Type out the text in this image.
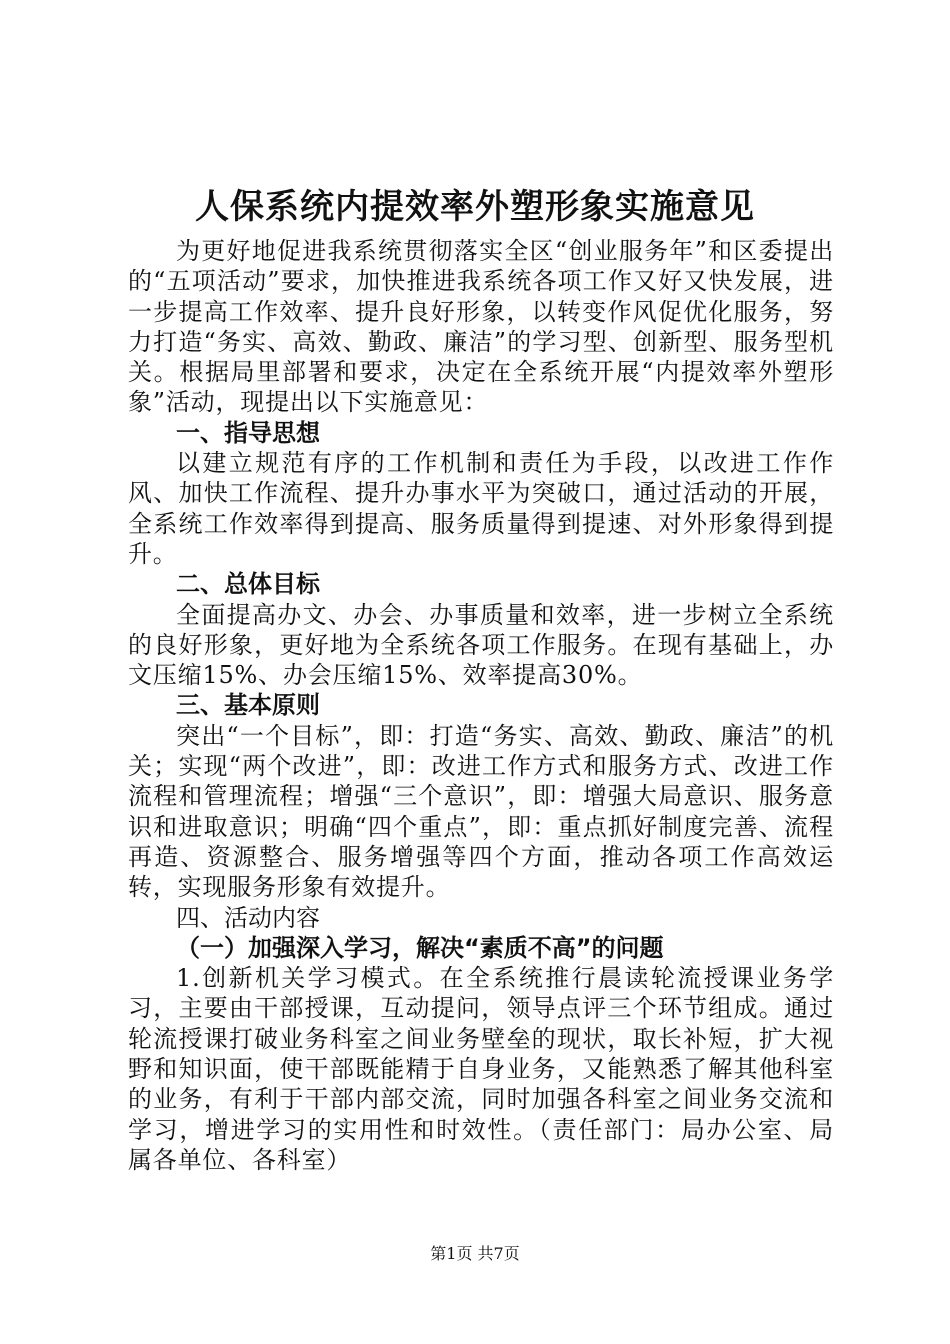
人保系统内提效率外塑形象实施意见

为更好地促进我系统贯彻落实全区“创业服务年”和区委提出的“五项活动”要求，加快推进我系统各项工作又好又快发展，进一步提高工作效率、提升良好形象，以转变作风促优化服务，努力打造“务实、高效、勤政、廉洁”的学习型、创新型、服务型机关。根据局里部署和要求，决定在全系统开展“内提效率外塑形象”活动，现提出以下实施意见：

一、指导思想

以建立规范有序的工作机制和责任为手段，以改进工作作风、加快工作流程、提升办事水平为突破口，通过活动的开展，全系统工作效率得到提高、服务质量得到提速、对外形象得到提升。

二、总体目标

全面提高办文、办会、办事质量和效率，进一步树立全系统的良好形象，更好地为全系统各项工作服务。在现有基础上，办文压缩15%、办会压缩15%、效率提高30%。

三、基本原则

突出“一个目标”，即：打造“务实、高效、勤政、廉洁”的机关；实现“两个改进”，即：改进工作方式和服务方式、改进工作流程和管理流程；增强“三个意识”，即：增强大局意识、服务意识和进取意识；明确“四个重点”，即：重点抓好制度完善、流程再造、资源整合、服务增强等四个方面，推动各项工作高效运转，实现服务形象有效提升。

四、活动内容

（一）加强深入学习，解决“素质不高”的问题

1.创新机关学习模式。在全系统推行晨读轮流授课业务学习，主要由干部授课，互动提问，领导点评三个环节组成。通过轮流授课打破业务科室之间业务壁垒的现状，取长补短，扩大视野和知识面，使干部既能精于自身业务，又能熟悉了解其他科室的业务，有利于干部内部交流，同时加强各科室之间业务交流和学习，增进学习的实用性和时效性。（责任部门：局办公室、局属各单位、各科室）

第1页 共7页
